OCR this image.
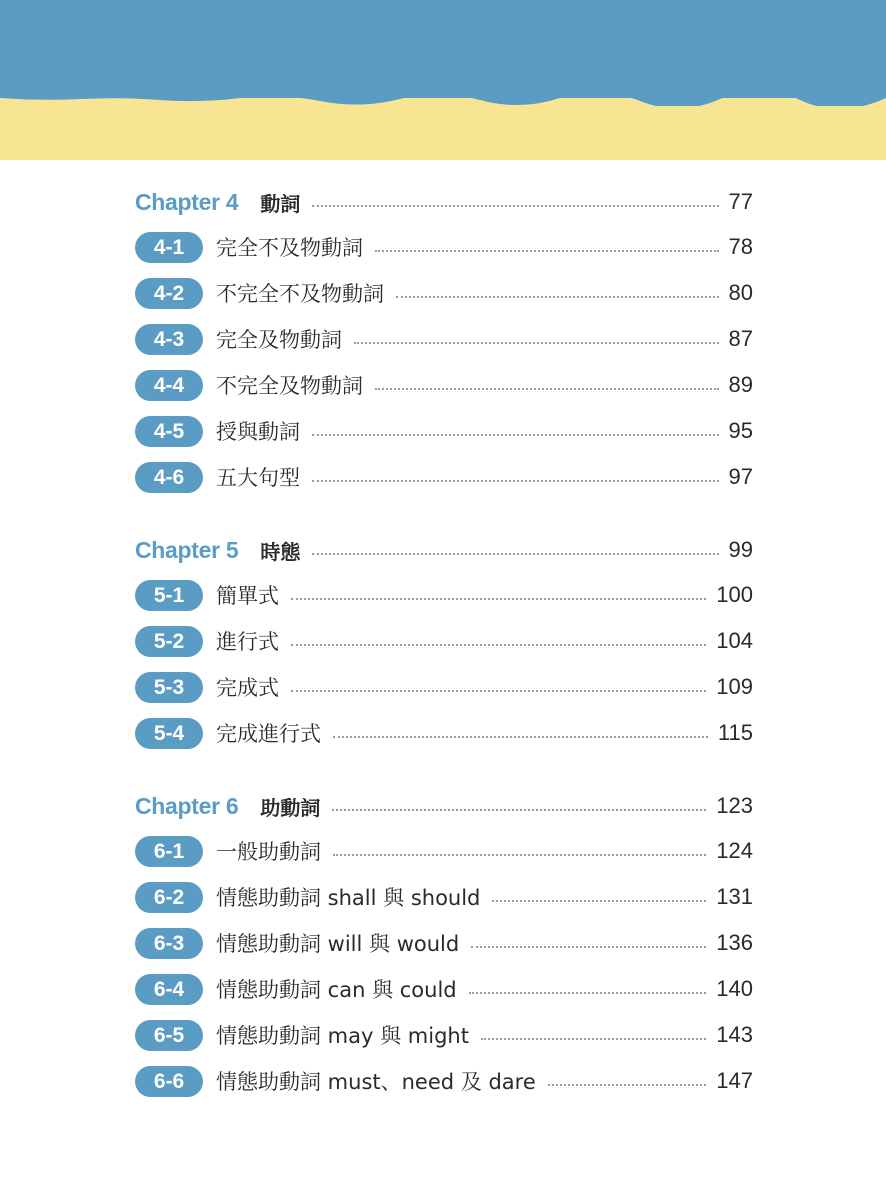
Chapter 4 動詞	77
4-1	完全不及物動詞	78
4-2	不完全不及物動詞	80
4-3	完全及物動詞	87
4-4	不完全及物動詞	89
4-5	授與動詞	95
4-6	五大句型	97
Chapter 5 時態	99
5-1	簡單式	100
5-2	進行式	104
5-3	完成式	109
5-4	完成進行式	115
Chapter 6 助動詞	123
6-1	一般助動詞	124
6-2	情態助動詞 shall 與 should	131
6-3	情態助動詞 will 與 would	136
6-4	情態助動詞 can 與 could	140
6-5	情態助動詞 may 與 might	143
6-6	情態助動詞 must、need 及 dare	147
